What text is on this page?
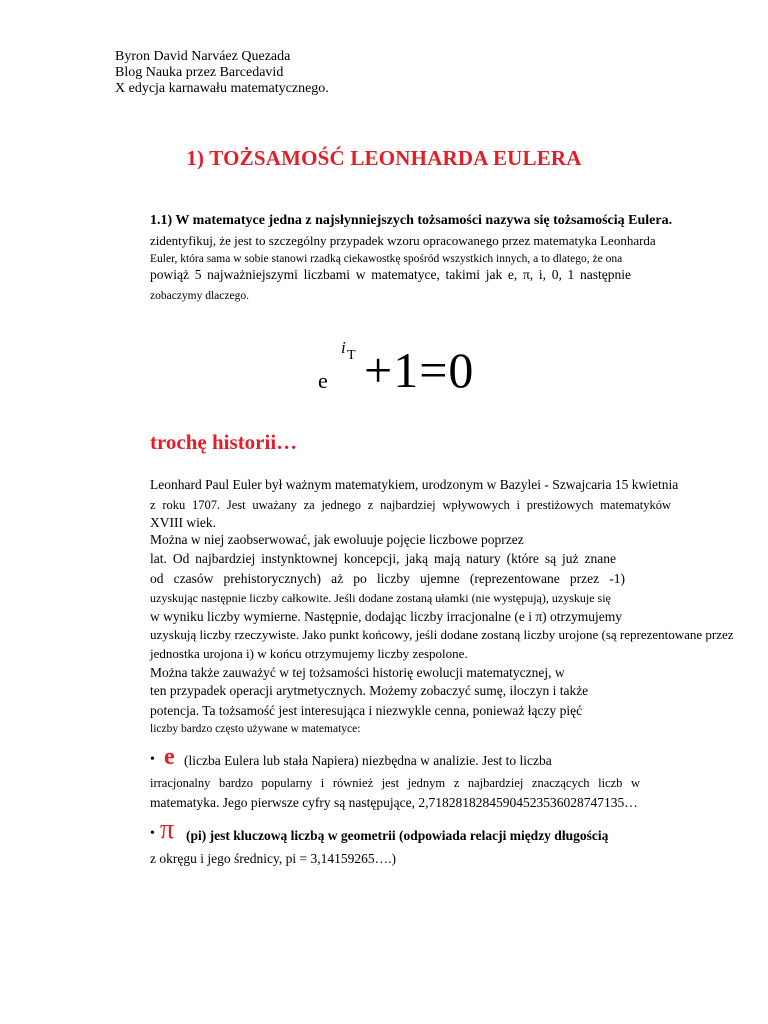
Byron David Narváez Quezada
Blog Nauka przez Barcedavid
X edycja karnawału matematycznego.
1) TOŻSAMOŚĆ LEONHARDA EULERA
1.1) W matematyce jedna z najsłynniejszych tożsamości nazywa się tożsamością Eulera.
zidentyfikuj, że jest to szczególny przypadek wzoru opracowanego przez matematyka Leonharda
Euler, która sama w sobie stanowi rzadką ciekawostkę spośród wszystkich innych, a to dlatego, że ona
powiąż 5 najważniejszymi liczbami w matematyce, takimi jak e, π, i, 0, 1 następnie
zobaczymy dlaczego.
e
i T +1=0
trochę historii…
Leonhard Paul Euler był ważnym matematykiem, urodzonym w Bazylei - Szwajcaria 15 kwietnia
z roku 1707. Jest uważany za jednego z najbardziej wpływowych i prestiżowych matematyków
XVIII wiek.
Można w niej zaobserwować, jak ewoluuje pojęcie liczbowe poprzez
lat. Od najbardziej instynktownej koncepcji, jaką mają natury (które są już znane
od czasów prehistorycznych) aż po liczby ujemne (reprezentowane przez -1)
uzyskując następnie liczby całkowite. Jeśli dodane zostaną ułamki (nie występują), uzyskuje się
w wyniku liczby wymierne. Następnie, dodając liczby irracjonalne (e i π) otrzymujemy
uzyskują liczby rzeczywiste. Jako punkt końcowy, jeśli dodane zostaną liczby urojone (są reprezentowane przez
jednostka urojona i) w końcu otrzymujemy liczby zespolone.
Można także zauważyć w tej tożsamości historię ewolucji matematycznej, w
ten przypadek operacji arytmetycznych. Możemy zobaczyć sumę, iloczyn i także
potencja. Ta tożsamość jest interesująca i niezwykle cenna, ponieważ łączy pięć
liczby bardzo często używane w matematyce:
• e (liczba Eulera lub stała Napiera) niezbędna w analizie. Jest to liczba
irracjonalny bardzo popularny i również jest jednym z najbardziej znaczących liczb w
matematyka. Jego pierwsze cyfry są następujące, 2,71828182845904523536028747135…
• π (pi) jest kluczową liczbą w geometrii (odpowiada relacji między długością
z okręgu i jego średnicy, pi = 3,14159265….)
